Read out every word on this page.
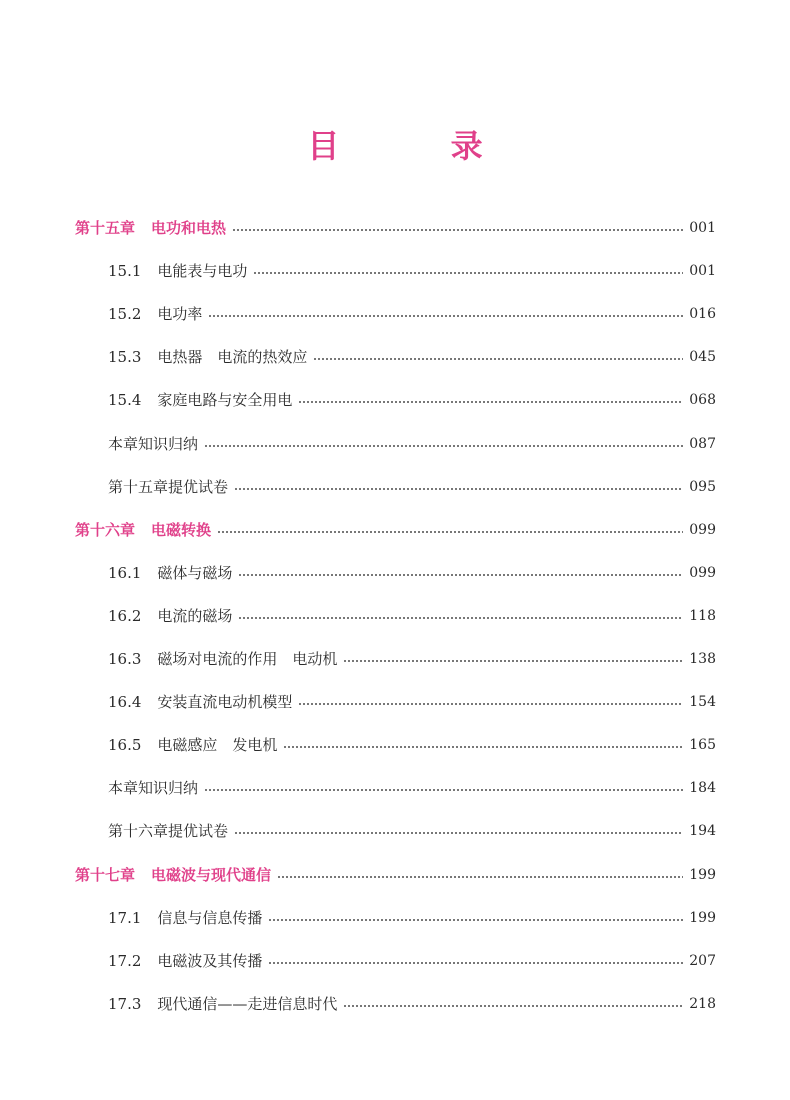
目 录
第十五章 电功和电热	001
15.1 电能表与电功	001
15.2 电功率	016
15.3 电热器　电流的热效应	045
15.4 家庭电路与安全用电	068
本章知识归纳	087
第十五章提优试卷	095
第十六章 电磁转换	099
16.1 磁体与磁场	099
16.2 电流的磁场	118
16.3 磁场对电流的作用　电动机	138
16.4 安装直流电动机模型	154
16.5 电磁感应　发电机	165
本章知识归纳	184
第十六章提优试卷	194
第十七章 电磁波与现代通信	199
17.1 信息与信息传播	199
17.2 电磁波及其传播	207
17.3 现代通信——走进信息时代	218
